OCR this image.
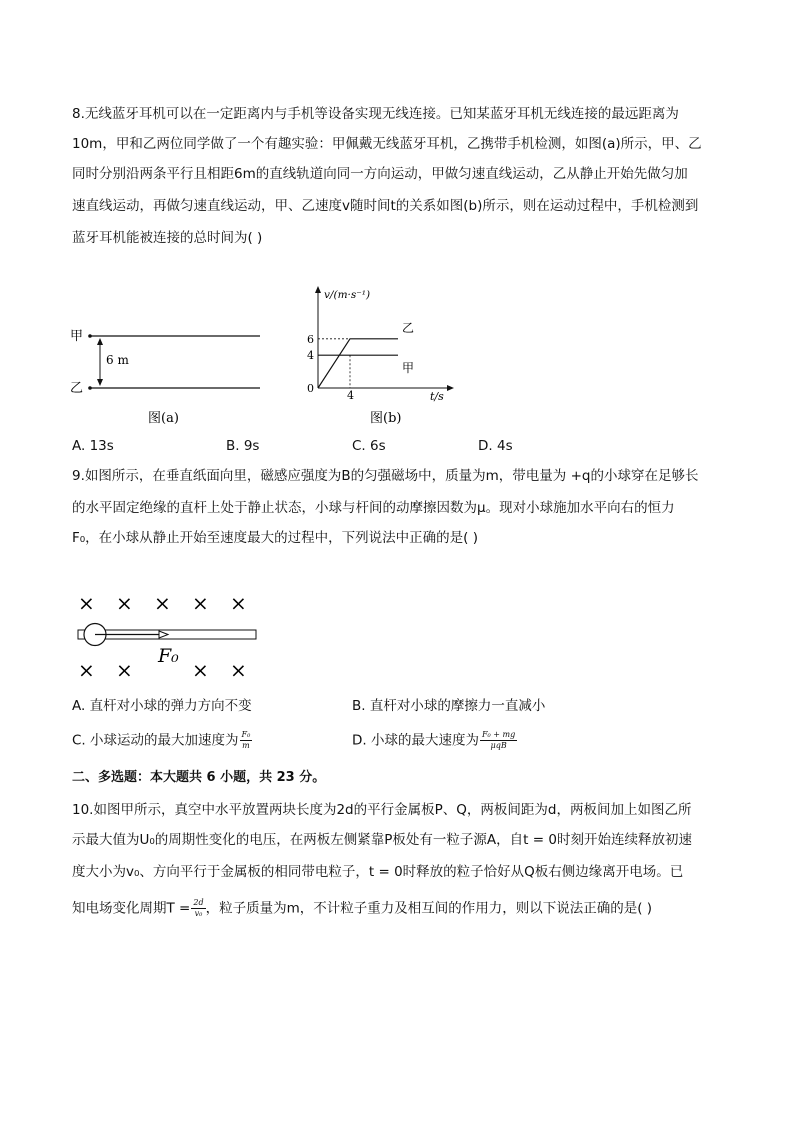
8.无线蓝牙耳机可以在一定距离内与手机等设备实现无线连接。已知某蓝牙耳机无线连接的最远距离为
10m，甲和乙两位同学做了一个有趣实验：甲佩戴无线蓝牙耳机，乙携带手机检测，如图(a)所示，甲、乙
同时分别沿两条平行且相距6m的直线轨道向同一方向运动，甲做匀速直线运动，乙从静止开始先做匀加
速直线运动，再做匀速直线运动，甲、乙速度v随时间t的关系如图(b)所示，则在运动过程中，手机检测到
蓝牙耳机能被连接的总时间为( )
甲
乙
6 m
图(a)
v/(m·s⁻¹)
t/s
0
6
4
4
乙
甲
图(b)
A. 13s	B. 9s	C. 6s	D. 4s
9.如图所示，在垂直纸面向里，磁感应强度为B的匀强磁场中，质量为m，带电量为 +q的小球穿在足够长
的水平固定绝缘的直杆上处于静止状态，小球与杆间的动摩擦因数为μ。现对小球施加水平向右的恒力
F₀，在小球从静止开始至速度最大的过程中，下列说法中正确的是( )
× × × × ×
F₀
× ×	× ×
A. 直杆对小球的弹力方向不变	B. 直杆对小球的摩擦力一直减小
C. 小球运动的最大加速度为 $\frac{\text{F₀}}{m}$	D. 小球的最大速度为 $\frac{\text{F₀ + mg}}{\text{μqB}}$
二、多选题：本大题共 6 小题，共 23 分。
10.如图甲所示，真空中水平放置两块长度为2d的平行金属板P、Q，两板间距为d，两板间加上如图乙所
示最大值为U₀的周期性变化的电压，在两板左侧紧靠P板处有一粒子源A，自t = 0时刻开始连续释放初速
度大小为v₀、方向平行于金属板的相同带电粒子，t = 0时释放的粒子恰好从Q板右侧边缘离开电场。已
知电场变化周期$T = \frac{2d}{\text{v₀}}$ ，粒子质量为m，不计粒子重力及相互间的作用力，则以下说法正确的是( )
